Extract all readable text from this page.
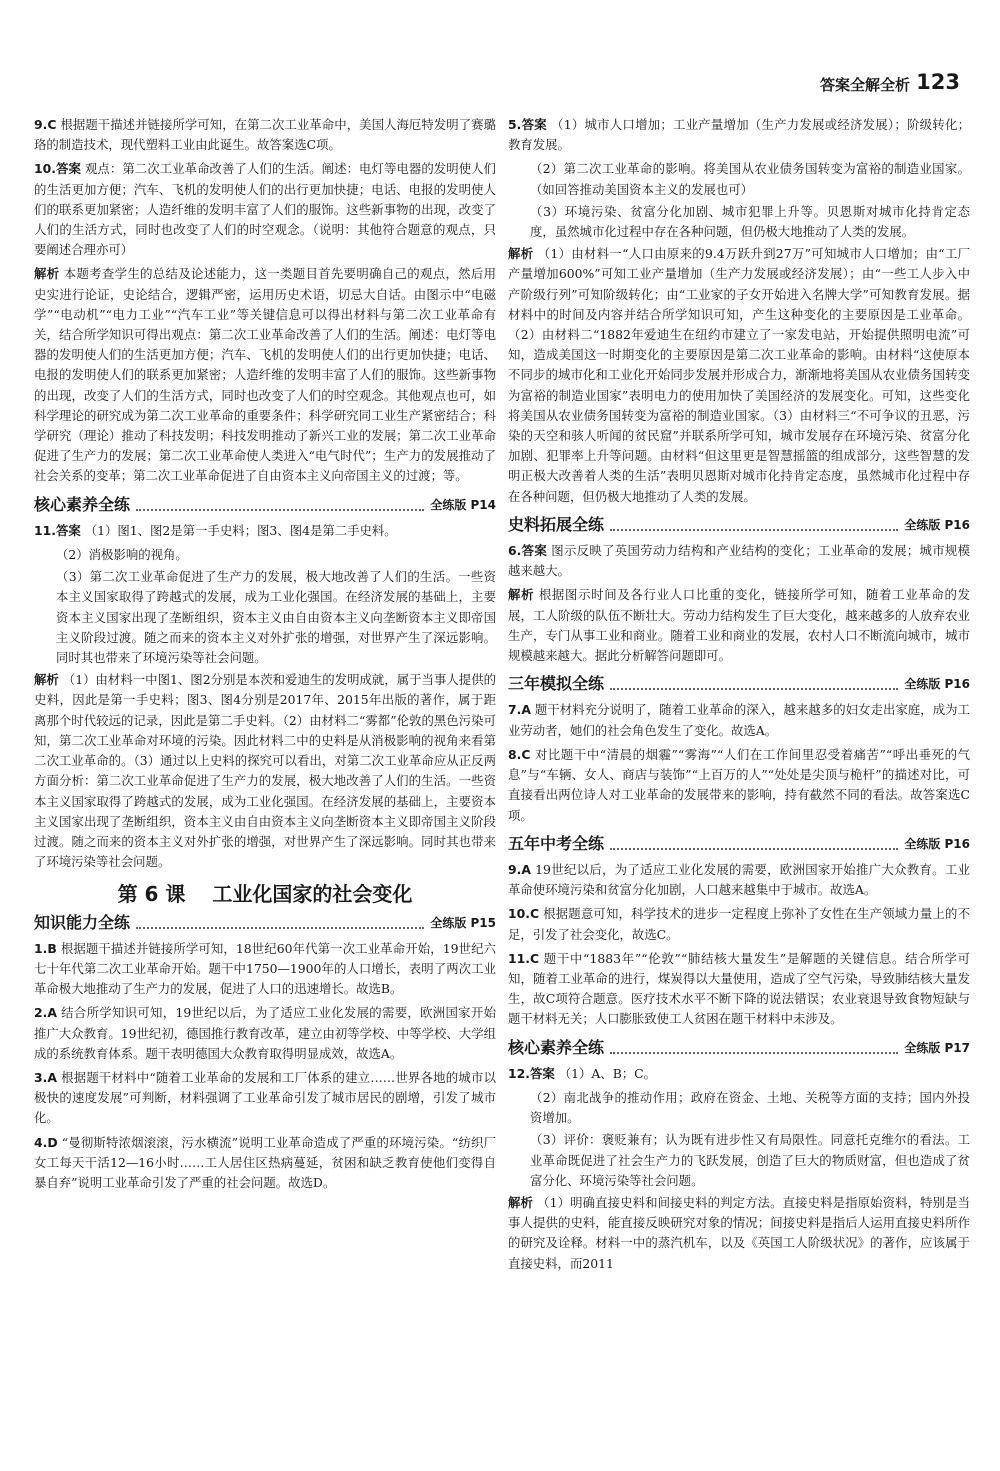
答案全解全析 123
9.C 根据题干描述并链接所学可知，在第二次工业革命中，美国人海厄特发明了赛璐珞的制造技术，现代塑料工业由此诞生。故答案选C项。
10.答案 观点：第二次工业革命改善了人们的生活。阐述：电灯等电器的发明使人们的生活更加方便；汽车、飞机的发明使人们的出行更加快捷；电话、电报的发明使人们的联系更加紧密；人造纤维的发明丰富了人们的服饰。这些新事物的出现，改变了人们的生活方式，同时也改变了人们的时空观念。（说明：其他符合题意的观点，只要阐述合理亦可）
解析 本题考查学生的总结及论述能力，这一类题目首先要明确自己的观点，然后用史实进行论证，史论结合，逻辑严密，运用历史术语，切忌大自话。由图示中“电磁学”“电动机”“电力工业”“汽车工业”等关键信息可以得出材料与第二次工业革命有关，结合所学知识可得出观点：第二次工业革命改善了人们的生活。阐述：电灯等电器的发明使人们的生活更加方便；汽车、飞机的发明使人们的出行更加快捷；电话、电报的发明使人们的联系更加紧密；人造纤维的发明丰富了人们的服饰。这些新事物的出现，改变了人们的生活方式，同时也改变了人们的时空观念。其他观点也可，如科学理论的研究成为第二次工业革命的重要条件；科学研究同工业生产紧密结合；科学研究（理论）推动了科技发明；科技发明推动了新兴工业的发展；第二次工业革命促进了生产力的发展；第二次工业革命使人类进入“电气时代”；生产力的发展推动了社会关系的变革；第二次工业革命促进了自由资本主义向帝国主义的过渡；等。
核心素养全练	全练版 P14
11.答案 （1）图1、图2是第一手史料；图3、图4是第二手史料。
（2）消极影响的视角。
（3）第二次工业革命促进了生产力的发展，极大地改善了人们的生活。一些资本主义国家取得了跨越式的发展，成为工业化强国。在经济发展的基础上，主要资本主义国家出现了垄断组织，资本主义由自由资本主义向垄断资本主义即帝国主义阶段过渡。随之而来的资本主义对外扩张的增强，对世界产生了深远影响。同时其也带来了环境污染等社会问题。
解析 （1）由材料一中图1、图2分别是本茨和爱迪生的发明成就，属于当事人提供的史料，因此是第一手史料；图3、图4分别是2017年、2015年出版的著作，属于距离那个时代较远的记录，因此是第二手史料。（2）由材料二“雾都”伦敦的黑色污染可知，第二次工业革命对环境的污染。因此材料二中的史料是从消极影响的视角来看第二次工业革命的。（3）通过以上史料的探究可以看出，对第二次工业革命应从正反两方面分析：第二次工业革命促进了生产力的发展，极大地改善了人们的生活。一些资本主义国家取得了跨越式的发展，成为工业化强国。在经济发展的基础上，主要资本主义国家出现了垄断组织，资本主义由自由资本主义向垄断资本主义即帝国主义阶段过渡。随之而来的资本主义对外扩张的增强，对世界产生了深远影响。同时其也带来了环境污染等社会问题。
第 6 课 工业化国家的社会变化
知识能力全练	全练版 P15
1.B 根据题干描述并链接所学可知，18世纪60年代第一次工业革命开始，19世纪六七十年代第二次工业革命开始。题干中1750—1900年的人口增长，表明了两次工业革命极大地推动了生产力的发展，促进了人口的迅速增长。故选B。
2.A 结合所学知识可知，19世纪以后，为了适应工业化发展的需要，欧洲国家开始推广大众教育。19世纪初，德国推行教育改革，建立由初等学校、中等学校、大学组成的系统教育体系。题干表明德国大众教育取得明显成效，故选A。
3.A 根据题干材料中“随着工业革命的发展和工厂体系的建立……世界各地的城市以极快的速度发展”可判断，材料强调了工业革命引发了城市居民的剧增，引发了城市化。
4.D “曼彻斯特浓烟滚滚，污水横流”说明工业革命造成了严重的环境污染。“纺织厂女工每天干活12—16小时……工人居住区热病蔓延，贫困和缺乏教育使他们变得自暴自弃”说明工业革命引发了严重的社会问题。故选D。
5.答案 （1）城市人口增加；工业产量增加（生产力发展或经济发展）；阶级转化；教育发展。
（2）第二次工业革命的影响。将美国从农业债务国转变为富裕的制造业国家。（如回答推动美国资本主义的发展也可）
（3）环境污染、贫富分化加剧、城市犯罪上升等。贝恩斯对城市化持肯定态度，虽然城市化过程中存在各种问题，但仍极大地推动了人类的发展。
解析 （1）由材料一“人口由原来的9.4万跃升到27万”可知城市人口增加；由“工厂产量增加600%”可知工业产量增加（生产力发展或经济发展）；由“一些工人步入中产阶级行列”可知阶级转化；由“工业家的子女开始进入名牌大学”可知教育发展。据材料中的时间及内容并结合所学知识可知，产生这种变化的主要原因是工业革命。（2）由材料二“1882年爱迪生在纽约市建立了一家发电站，开始提供照明电流”可知，造成美国这一时期变化的主要原因是第二次工业革命的影响。由材料“这使原本不同步的城市化和工业化开始同步发展并形成合力，渐渐地将美国从农业债务国转变为富裕的制造业国家”表明电力的使用加快了美国经济的发展变化。可知，这些变化将美国从农业债务国转变为富裕的制造业国家。（3）由材料三“不可争议的丑恶，污染的天空和骇人听闻的贫民窟”并联系所学可知，城市发展存在环境污染、贫富分化加剧、犯罪率上升等问题。由材料“但这里更是智慧摇篮的组成部分，这些智慧的发明正极大改善着人类的生活”表明贝恩斯对城市化持肯定态度，虽然城市化过程中存在各种问题，但仍极大地推动了人类的发展。
史料拓展全练	全练版 P16
6.答案 图示反映了英国劳动力结构和产业结构的变化；工业革命的发展；城市规模越来越大。
解析 根据图示时间及各行业人口比重的变化，链接所学可知，随着工业革命的发展，工人阶级的队伍不断壮大。劳动力结构发生了巨大变化，越来越多的人放弃农业生产，专门从事工业和商业。随着工业和商业的发展，农村人口不断流向城市，城市规模越来越大。据此分析解答问题即可。
三年模拟全练	全练版 P16
7.A 题干材料充分说明了，随着工业革命的深入，越来越多的妇女走出家庭，成为工业劳动者，她们的社会角色发生了变化。故选A。
8.C 对比题干中“清晨的烟霾”“雾海”“人们在工作间里忍受着痛苦”“呼出垂死的气息”与“车辆、女人、商店与装饰”“上百万的人”“处处是尖顶与桅杆”的描述对比，可直接看出两位诗人对工业革命的发展带来的影响，持有截然不同的看法。故答案选C项。
五年中考全练	全练版 P16
9.A 19世纪以后，为了适应工业化发展的需要，欧洲国家开始推广大众教育。工业革命使环境污染和贫富分化加剧，人口越来越集中于城市。故选A。
10.C 根据题意可知，科学技术的进步一定程度上弥补了女性在生产领域力量上的不足，引发了社会变化，故选C。
11.C 题干中“1883年”“伦敦”“肺结核大量发生”是解题的关键信息。结合所学可知，随着工业革命的进行，煤炭得以大量使用，造成了空气污染，导致肺结核大量发生，故C项符合题意。医疗技术水平不断下降的说法错误；农业衰退导致食物短缺与题干材料无关；人口膨胀致使工人贫困在题干材料中未涉及。
核心素养全练	全练版 P17
12.答案 （1）A、B；C。
（2）南北战争的推动作用；政府在资金、土地、关税等方面的支持；国内外投资增加。
（3）评价：褒贬兼有；认为既有进步性又有局限性。同意托克维尔的看法。工业革命既促进了社会生产力的飞跃发展，创造了巨大的物质财富，但也造成了贫富分化、环境污染等社会问题。
解析 （1）明确直接史料和间接史料的判定方法。直接史料是指原始资料，特别是当事人提供的史料，能直接反映研究对象的情况；间接史料是指后人运用直接史料所作的研究及诠释。材料一中的蒸汽机车，以及《英国工人阶级状况》的著作，应该属于直接史料，而2011
